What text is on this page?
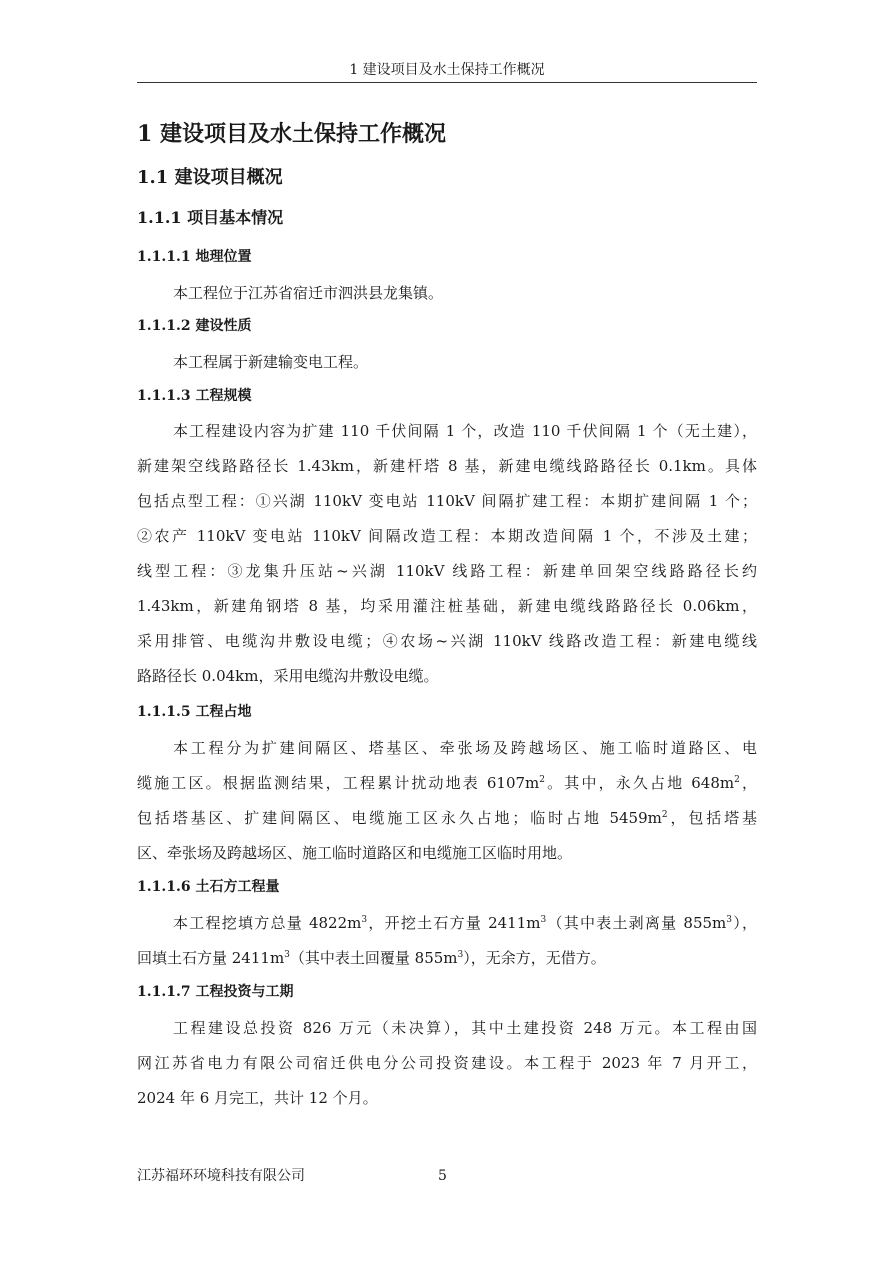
1 建设项目及水土保持工作概况
1 建设项目及水土保持工作概况
1.1 建设项目概况
1.1.1 项目基本情况
1.1.1.1 地理位置
本工程位于江苏省宿迁市泗洪县龙集镇。
1.1.1.2 建设性质
本工程属于新建输变电工程。
1.1.1.3 工程规模
本工程建设内容为扩建 110 千伏间隔 1 个，改造 110 千伏间隔 1 个（无土建），
新建架空线路路径长 1.43km，新建杆塔 8 基，新建电缆线路路径长 0.1km。具体
包括点型工程：①兴湖 110kV 变电站 110kV 间隔扩建工程：本期扩建间隔 1 个；
②农产 110kV 变电站 110kV 间隔改造工程：本期改造间隔 1 个，不涉及土建；
线型工程：③龙集升压站~兴湖 110kV 线路工程：新建单回架空线路路径长约
1.43km，新建角钢塔 8 基，均采用灌注桩基础，新建电缆线路路径长 0.06km，
采用排管、电缆沟井敷设电缆；④农场~兴湖 110kV 线路改造工程：新建电缆线
路路径长 0.04km，采用电缆沟井敷设电缆。
1.1.1.5 工程占地
本工程分为扩建间隔区、塔基区、牵张场及跨越场区、施工临时道路区、电
缆施工区。根据监测结果，工程累计扰动地表 $6107m^2$。其中，永久占地 $648m^2$，
包括塔基区、扩建间隔区、电缆施工区永久占地；临时占地 $5459m^2$，包括塔基
区、牵张场及跨越场区、施工临时道路区和电缆施工区临时用地。
1.1.1.6 土石方工程量
本工程挖填方总量 $4822m^3$，开挖土石方量 $2411m^3$（其中表土剥离量 $855m^3$），
回填土石方量 $2411m^3$（其中表土回覆量 $855m^3$），无余方，无借方。
1.1.1.7 工程投资与工期
工程建设总投资 826 万元（未决算），其中土建投资 248 万元。本工程由国
网江苏省电力有限公司宿迁供电分公司投资建设。本工程于 2023 年 7 月开工，
2024 年 6 月完工，共计 12 个月。
江苏福环环境科技有限公司	5
